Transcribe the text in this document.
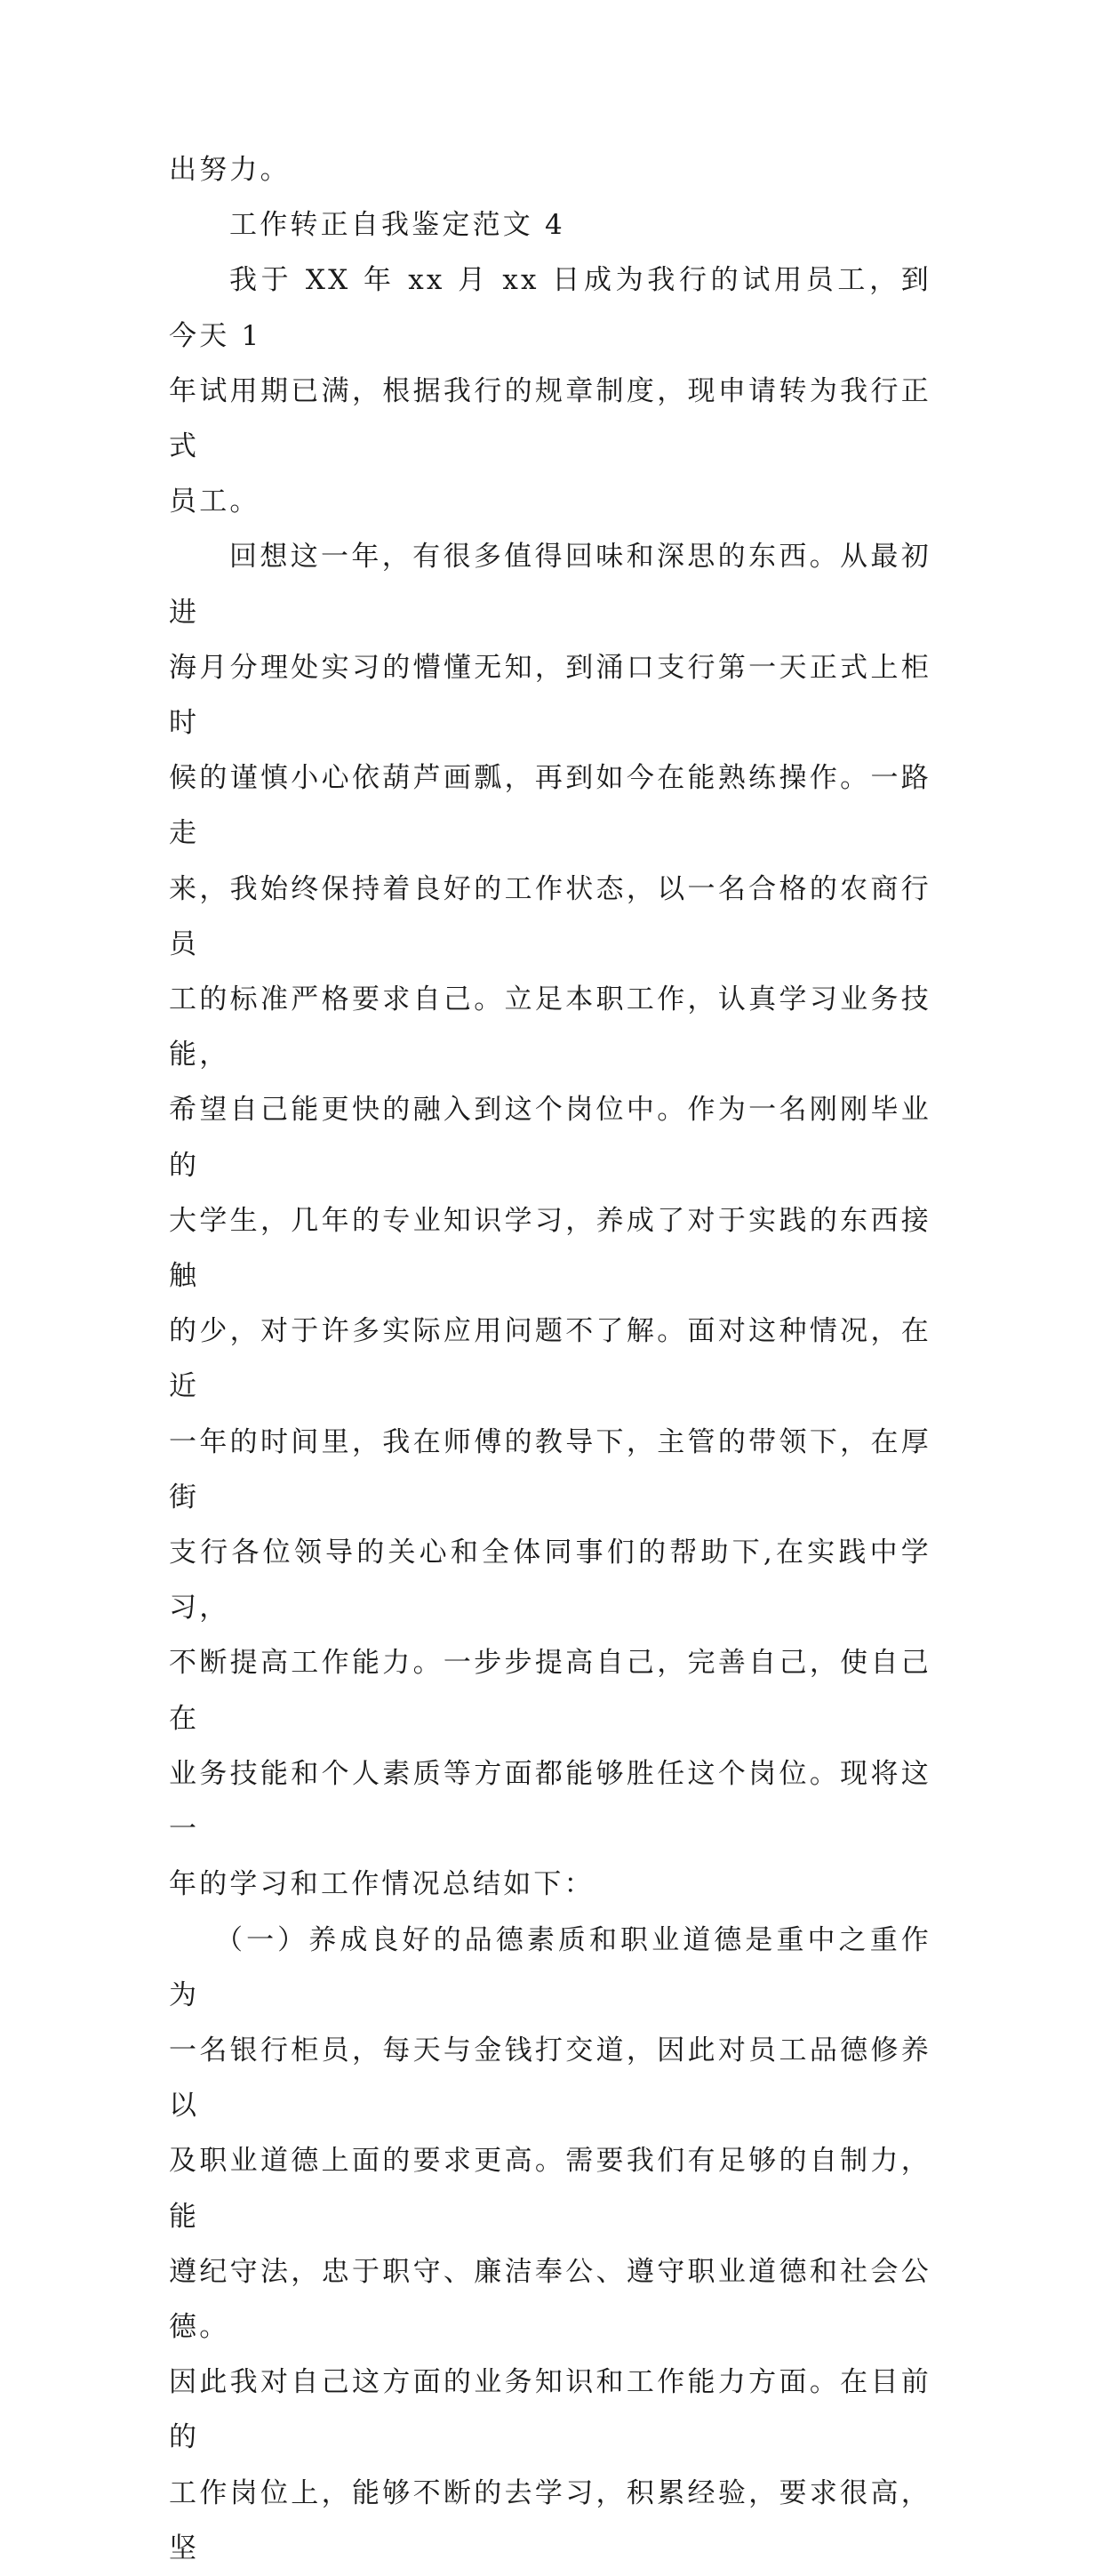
出努力。

工作转正自我鉴定范文 4

我于 XX 年 xx 月 xx 日成为我行的试用员工，到今天 1
年试用期已满，根据我行的规章制度，现申请转为我行正式
员工。

回想这一年，有很多值得回味和深思的东西。从最初进
海月分理处实习的懵懂无知，到涌口支行第一天正式上柜时
候的谨慎小心依葫芦画瓢，再到如今在能熟练操作。一路走
来，我始终保持着良好的工作状态，以一名合格的农商行员
工的标准严格要求自己。立足本职工作，认真学习业务技能，
希望自己能更快的融入到这个岗位中。作为一名刚刚毕业的
大学生，几年的专业知识学习，养成了对于实践的东西接触
的少，对于许多实际应用问题不了解。面对这种情况，在近
一年的时间里，我在师傅的教导下，主管的带领下，在厚街
支行各位领导的关心和全体同事们的帮助下,在实践中学习，
不断提高工作能力。一步步提高自己，完善自己，使自己在
业务技能和个人素质等方面都能够胜任这个岗位。现将这一
年的学习和工作情况总结如下：

（一）养成良好的品德素质和职业道德是重中之重作为
一名银行柜员，每天与金钱打交道，因此对员工品德修养以
及职业道德上面的要求更高。需要我们有足够的自制力，能
遵纪守法，忠于职守、廉洁奉公、遵守职业道德和社会公德。
因此我对自己这方面的业务知识和工作能力方面。在目前的
工作岗位上，能够不断的去学习，积累经验，要求很高，坚
